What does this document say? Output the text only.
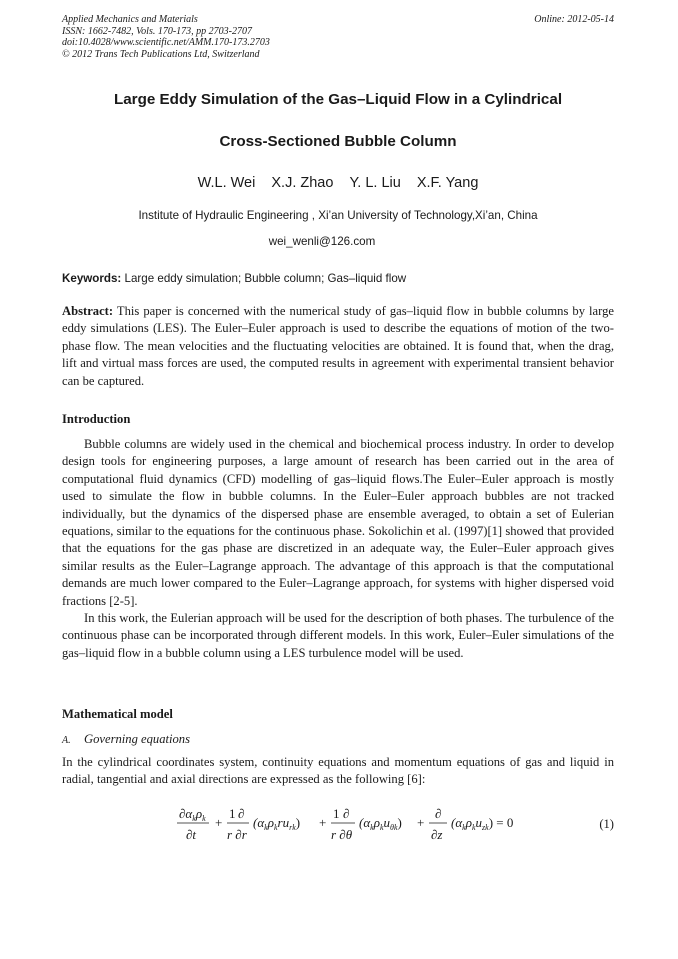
Applied Mechanics and Materials
ISSN: 1662-7482, Vols. 170-173, pp 2703-2707
doi:10.4028/www.scientific.net/AMM.170-173.2703
© 2012 Trans Tech Publications Ltd, Switzerland
Online: 2012-05-14
Large Eddy Simulation of the Gas–Liquid Flow in a Cylindrical
Cross-Sectioned Bubble Column
W.L. Wei X.J. Zhao Y. L. Liu X.F. Yang
Institute of Hydraulic Engineering , Xi’an University of Technology,Xi’an, China
wei_wenli@126.com
Keywords: Large eddy simulation; Bubble column; Gas–liquid flow

Abstract: This paper is concerned with the numerical study of gas–liquid flow in bubble columns by large eddy simulations (LES). The Euler–Euler approach is used to describe the equations of motion of the two-phase flow. The mean velocities and the fluctuating velocities are obtained. It is found that, when the drag, lift and virtual mass forces are used, the computed results in agreement with experimental transient behavior can be captured.

Introduction

Bubble columns are widely used in the chemical and biochemical process industry. In order to develop design tools for engineering purposes, a large amount of research has been carried out in the area of computational fluid dynamics (CFD) modelling of gas–liquid flows.The Euler–Euler approach is mostly used to simulate the flow in bubble columns. In the Euler–Euler approach bubbles are not tracked individually, but the dynamics of the dispersed phase are ensemble averaged, to obtain a set of Eulerian equations, similar to the equations for the continuous phase. Sokolichin et al. (1997)[1] showed that provided that the equations for the gas phase are discretized in an adequate way, the Euler–Euler approach gives similar results as the Euler–Lagrange approach. The advantage of this approach is that the computational demands are much lower compared to the Euler–Lagrange approach, for systems with higher dispersed void fractions [2-5].

In this work, the Eulerian approach will be used for the description of both phases. The turbulence of the continuous phase can be incorporated through different models. In this work, Euler–Euler simulations of the gas–liquid flow in a bubble column using a LES turbulence model will be used.

Mathematical model
A. Governing equations

In the cylindrical coordinates system, continuity equations and momentum equations of gas and liquid in radial, tangential and axial directions are expressed as the following [6]:

$\partial\alpha_k\rho_k$
∂t
+
1 ∂
r ∂r
$(\alpha_k\rho_kru_{rk})$ +
1 ∂
r ∂θ
$(\alpha_k\rho_ku_{\theta k})$ +
∂
∂z
$(\alpha_k\rho_ku_{zk}) = 0$	(1)
